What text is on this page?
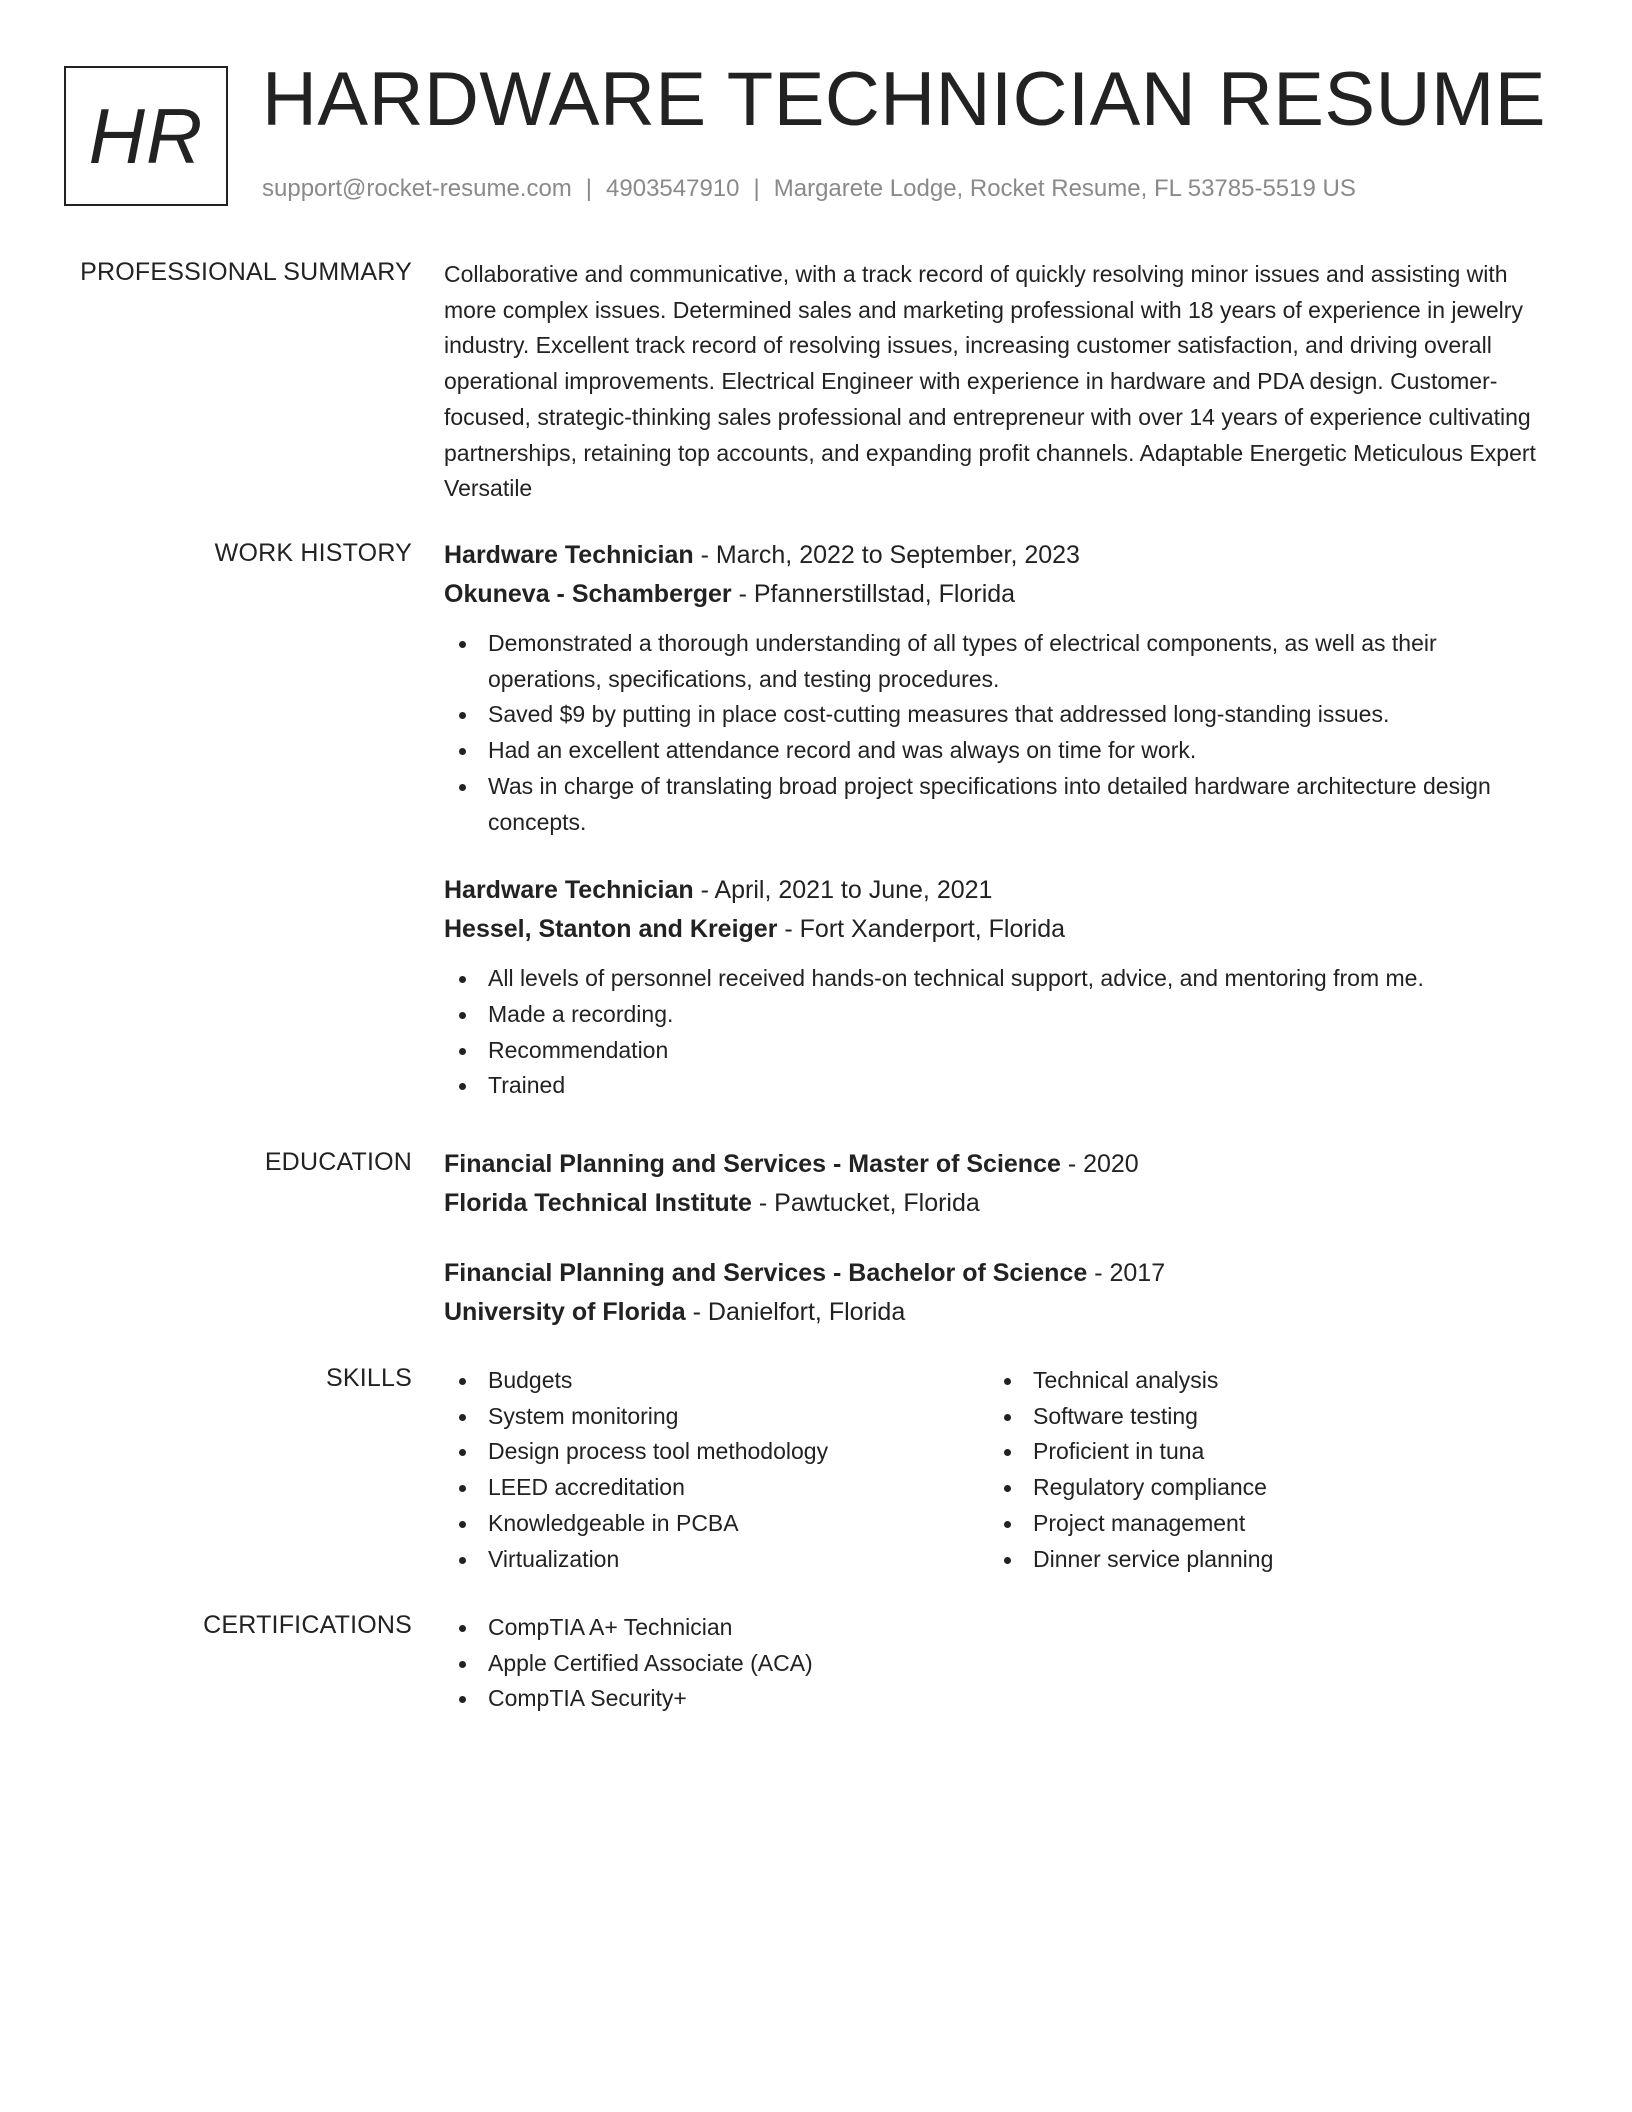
HR HARDWARE TECHNICIAN RESUME
support@rocket-resume.com | 4903547910 | Margarete Lodge, Rocket Resume, FL 53785-5519 US
PROFESSIONAL SUMMARY Collaborative and communicative, with a track record of quickly resolving minor issues and assisting with more complex issues. Determined sales and marketing professional with 18 years of experience in jewelry industry. Excellent track record of resolving issues, increasing customer satisfaction, and driving overall operational improvements. Electrical Engineer with experience in hardware and PDA design. Customer-focused, strategic-thinking sales professional and entrepreneur with over 14 years of experience cultivating partnerships, retaining top accounts, and expanding profit channels. Adaptable Energetic Meticulous Expert Versatile

WORK HISTORY Hardware Technician - March, 2022 to September, 2023
Okuneva - Schamberger - Pfannerstillstad, Florida
Demonstrated a thorough understanding of all types of electrical components, as well as their operations, specifications, and testing procedures.
Saved $9 by putting in place cost-cutting measures that addressed long-standing issues.
Had an excellent attendance record and was always on time for work.
Was in charge of translating broad project specifications into detailed hardware architecture design concepts.
Hardware Technician - April, 2021 to June, 2021
Hessel, Stanton and Kreiger - Fort Xanderport, Florida
All levels of personnel received hands-on technical support, advice, and mentoring from me.
Made a recording.
Recommendation
Trained
EDUCATION Financial Planning and Services - Master of Science - 2020
Florida Technical Institute - Pawtucket, Florida
Financial Planning and Services - Bachelor of Science - 2017
University of Florida - Danielfort, Florida
SKILLS	Budgets
System monitoring
Design process tool methodology
LEED accreditation
Knowledgeable in PCBA
Virtualization
Technical analysis
Software testing
Proficient in tuna
Regulatory compliance
Project management
Dinner service planning
CERTIFICATIONS	CompTIA A+ Technician
Apple Certified Associate (ACA)
CompTIA Security+
